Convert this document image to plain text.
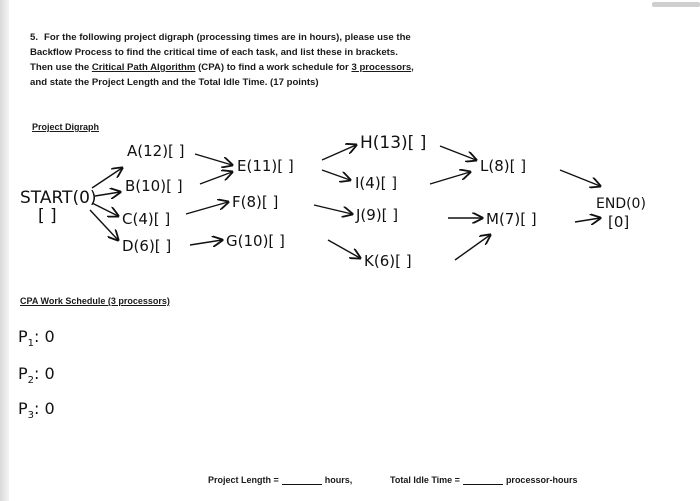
5. For the following project digraph (processing times are in hours), please use the
Backflow Process to find the critical time of each task, and list these in brackets.
Then use the Critical Path Algorithm (CPA) to find a work schedule for 3 processors,
and state the Project Length and the Total Idle Time. (17 points)
Project Digraph
START(0)
[ ]
A(12)[ ]
B(10)[ ]
C(4)[ ]
D(6)[ ]
E(11)[ ]
F(8)[ ]
G(10)[ ]
H(13)[ ]
I(4)[ ]
J(9)[ ]
K(6)[ ]
L(8)[ ]
M(7)[ ]
END(0)
[0]
CPA Work Schedule (3 processors)
$P_1$: 0
$P_2$: 0
$P_3$: 0
Project Length =	hours,	Total Idle Time =	processor-hours
